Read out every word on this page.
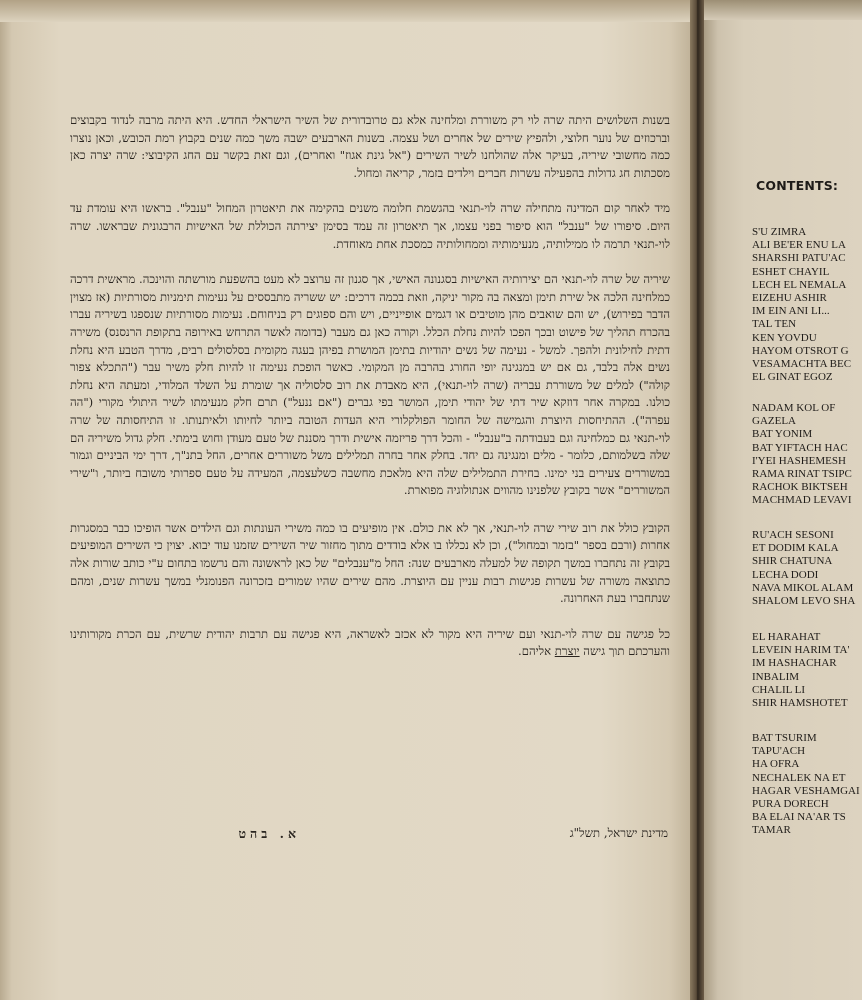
בשנות השלושים היתה שרה לוי רק משוררת ומלחינה אלא גם טרובדורית של השיר הישראלי החדש. היא היתה מרבה לנדוד בקבוצים וברכוזים של נוער חלוצי, ולהפיץ שירים של אחרים ושל עצמה. בשנות הארבעים ישבה משך כמה שנים בקבוץ רמת הכובש, וכאן נוצרו כמה מחשובי שיריה, בעיקר אלה שהולחנו לשיר השירים ("אל גינת אגוז" ואחרים), וגם זאת בקשר עם החג הקיבוצי: שרה יצרה כאן מסכתות חג גדולות בהפעילה עשרות חברים וילדים בזמר, קריאה ומחול.

מיד לאחר קום המדינה מתחילה שרה לוי-תנאי בהגשמת חלומה משנים בהקימה את תיאטרון המחול "ענבל". בראשו היא עומדת עד היום. סיפורו של "ענבל" הוא סיפור בפני עצמו, אך תיאטרון זה עמד בסימן יצירתה הכוללת של האישיות הרבגונית שבראשו. שרה לוי-תנאי תרמה לו ממילותיה, מנעימותיה וממחולותיה כמסכת אחת מאוחדת.

שיריה של שרה לוי-תנאי הם יצירותיה האישיות בסגנונה האישי, אך סגנון זה ערוצב לא מעט בהשפעת מורשתה והוינכה. מראשית דרכה כמלחינה הלכה אל שירת תימן ומצאה בה מקור יניקה, וזאת בכמה דרכים: יש ששריה מתבססים על נעימות תימניות מסורתיות (אז מצוין הדבר בפירוש), יש והם שואבים מהן מוטיבים או דגמים אופייניים, ויש והם ספוגים רק בניחוחם. נעימות מסורתיות שנספגו בשיריה עברו בהכרח תהליך של פישוט ובכך הפכו להיות נחלת הכלל. וקורה כאן גם מעבר (בדומה לאשר התרחש באירופה בתקופת הרנסנס) משירה דתית לחילונית ולהפך. למשל - נעימה של נשים יהודיות בתימן המושרת בפיהן בעגה מקומית בסלסולים רבים, מדרך הטבע היא נחלת נשים אלה בלבד, גם אם יש במנגינה יופי החורג בהרבה מן המקומי. כאשר הופכת נעימה זו להיות חלק משיר עבר ("התכלא צפור קולה") למלים של משוררת עבריה (שרה לוי-תנאי), היא מאבדת את רוב סלסוליה אך שומרת על השלד המלודי, ומעתה היא נחלת כולנו. במקרה אחר דוזקא שיר דתי של יהודי תימן, המושר בפי גברים ("אם ננעל") תרם חלק מנעימתו לשיר היתולי מקורי ("הה עפרה"). ההתיחסות היוצרת והגמישה של החומר הפולקלורי היא העדות הטובה ביותר לחיותו ולאיתנותו. זו התיחסותה של שרה לוי-תנאי גם כמלחינה וגם בעבודתה ב"ענבל" - והכל דרך פריזמה אישית ודרך מסננת של טעם מעודן וחוש בימתי. חלק גדול משיריה הם שלה בשלמותם, כלומר - מלים ומנגינה גם יחד. בחלק אחר בחרה תמלילים משל משוררים אחרים, החל בתנ"ך, דרך ימי הביניים וגמור במשוררים צעירים בני ימינו. בחירת התמלילים שלה היא מלאכת מחשבה כשלעצמה, המעידה על טעם ספרותי משובח ביותר, ו"שירי המשוררים" אשר בקובץ שלפנינו מהווים אנתולוגיה מפוארת.

הקובץ כולל את רוב שירי שרה לוי-תנאי, אך לא את כולם. אין מופיעים בו כמה משירי העונתות וגם הילדים אשר הופיכו כבר במסגרות אחרות (ורבם בספר "בזמר ובמחול"), וכן לא נכללו בו אלא בודדים מתוך מחזור שיר השירים שזמנו עוד יבוא. יצוין כי השירים המופיעים בקובץ זה נתחברו במשך תקופה של למעלה מארבעים שנה: החל מ"ענבלים" של כאן לראשונה והם נרשמו בתחום ע"י כותב שורות אלה כתוצאה משורה של עשרות פגישות רבות עניין עם היוצרת. מהם שירים שהיו שמורים בזכרונה הפנומנלי במשך עשרות שנים, ומהם שנתחברו בעת האחרונה.

כל פגישה עם שרה לוי-תנאי ועם שיריה היא מקור לא אכזב לאשראה, היא פגישה עם תרבות יהודית שרשית, עם הכרת מקורותינו והערכתם תוך גישה יוצרת אליהם.

מדינת ישראל, תשל"ג
א. בהט
CONTENTS:
S'U ZIMRA
ALI BE'ER ENU LA
SHARSHI PATU'AC
ESHET CHAYIL
LECH EL NEMALA
EIZEHU ASHIR
IM EIN ANI LI...
TAL TEN
KEN YOVDU
HAYOM OTSROT G
VESAMACHTA BEC
EL GINAT EGOZ
NADAM KOL OF
GAZELA
BAT YONIM
BAT YIFTACH HAC
I'YEI HASHEMESH
RAMA RINAT TSIPC
RACHOK BIKTSEH
MACHMAD LEVAVI
RU'ACH SESONI
ET DODIM KALA
SHIR CHATUNA
LECHA DODI
NAVA MIKOL ALAM
SHALOM LEVO SHA
EL HARAHAT
LEVEIN HARIM TA'
IM HASHACHAR
INBALIM
CHALIL LI
SHIR HAMSHOTET
BAT TSURIM
TAPU'ACH
HA OFRA
NECHALEK NA ET
HAGAR VESHAMGAI
PURA DORECH
BA ELAI NA'AR TS
TAMAR
